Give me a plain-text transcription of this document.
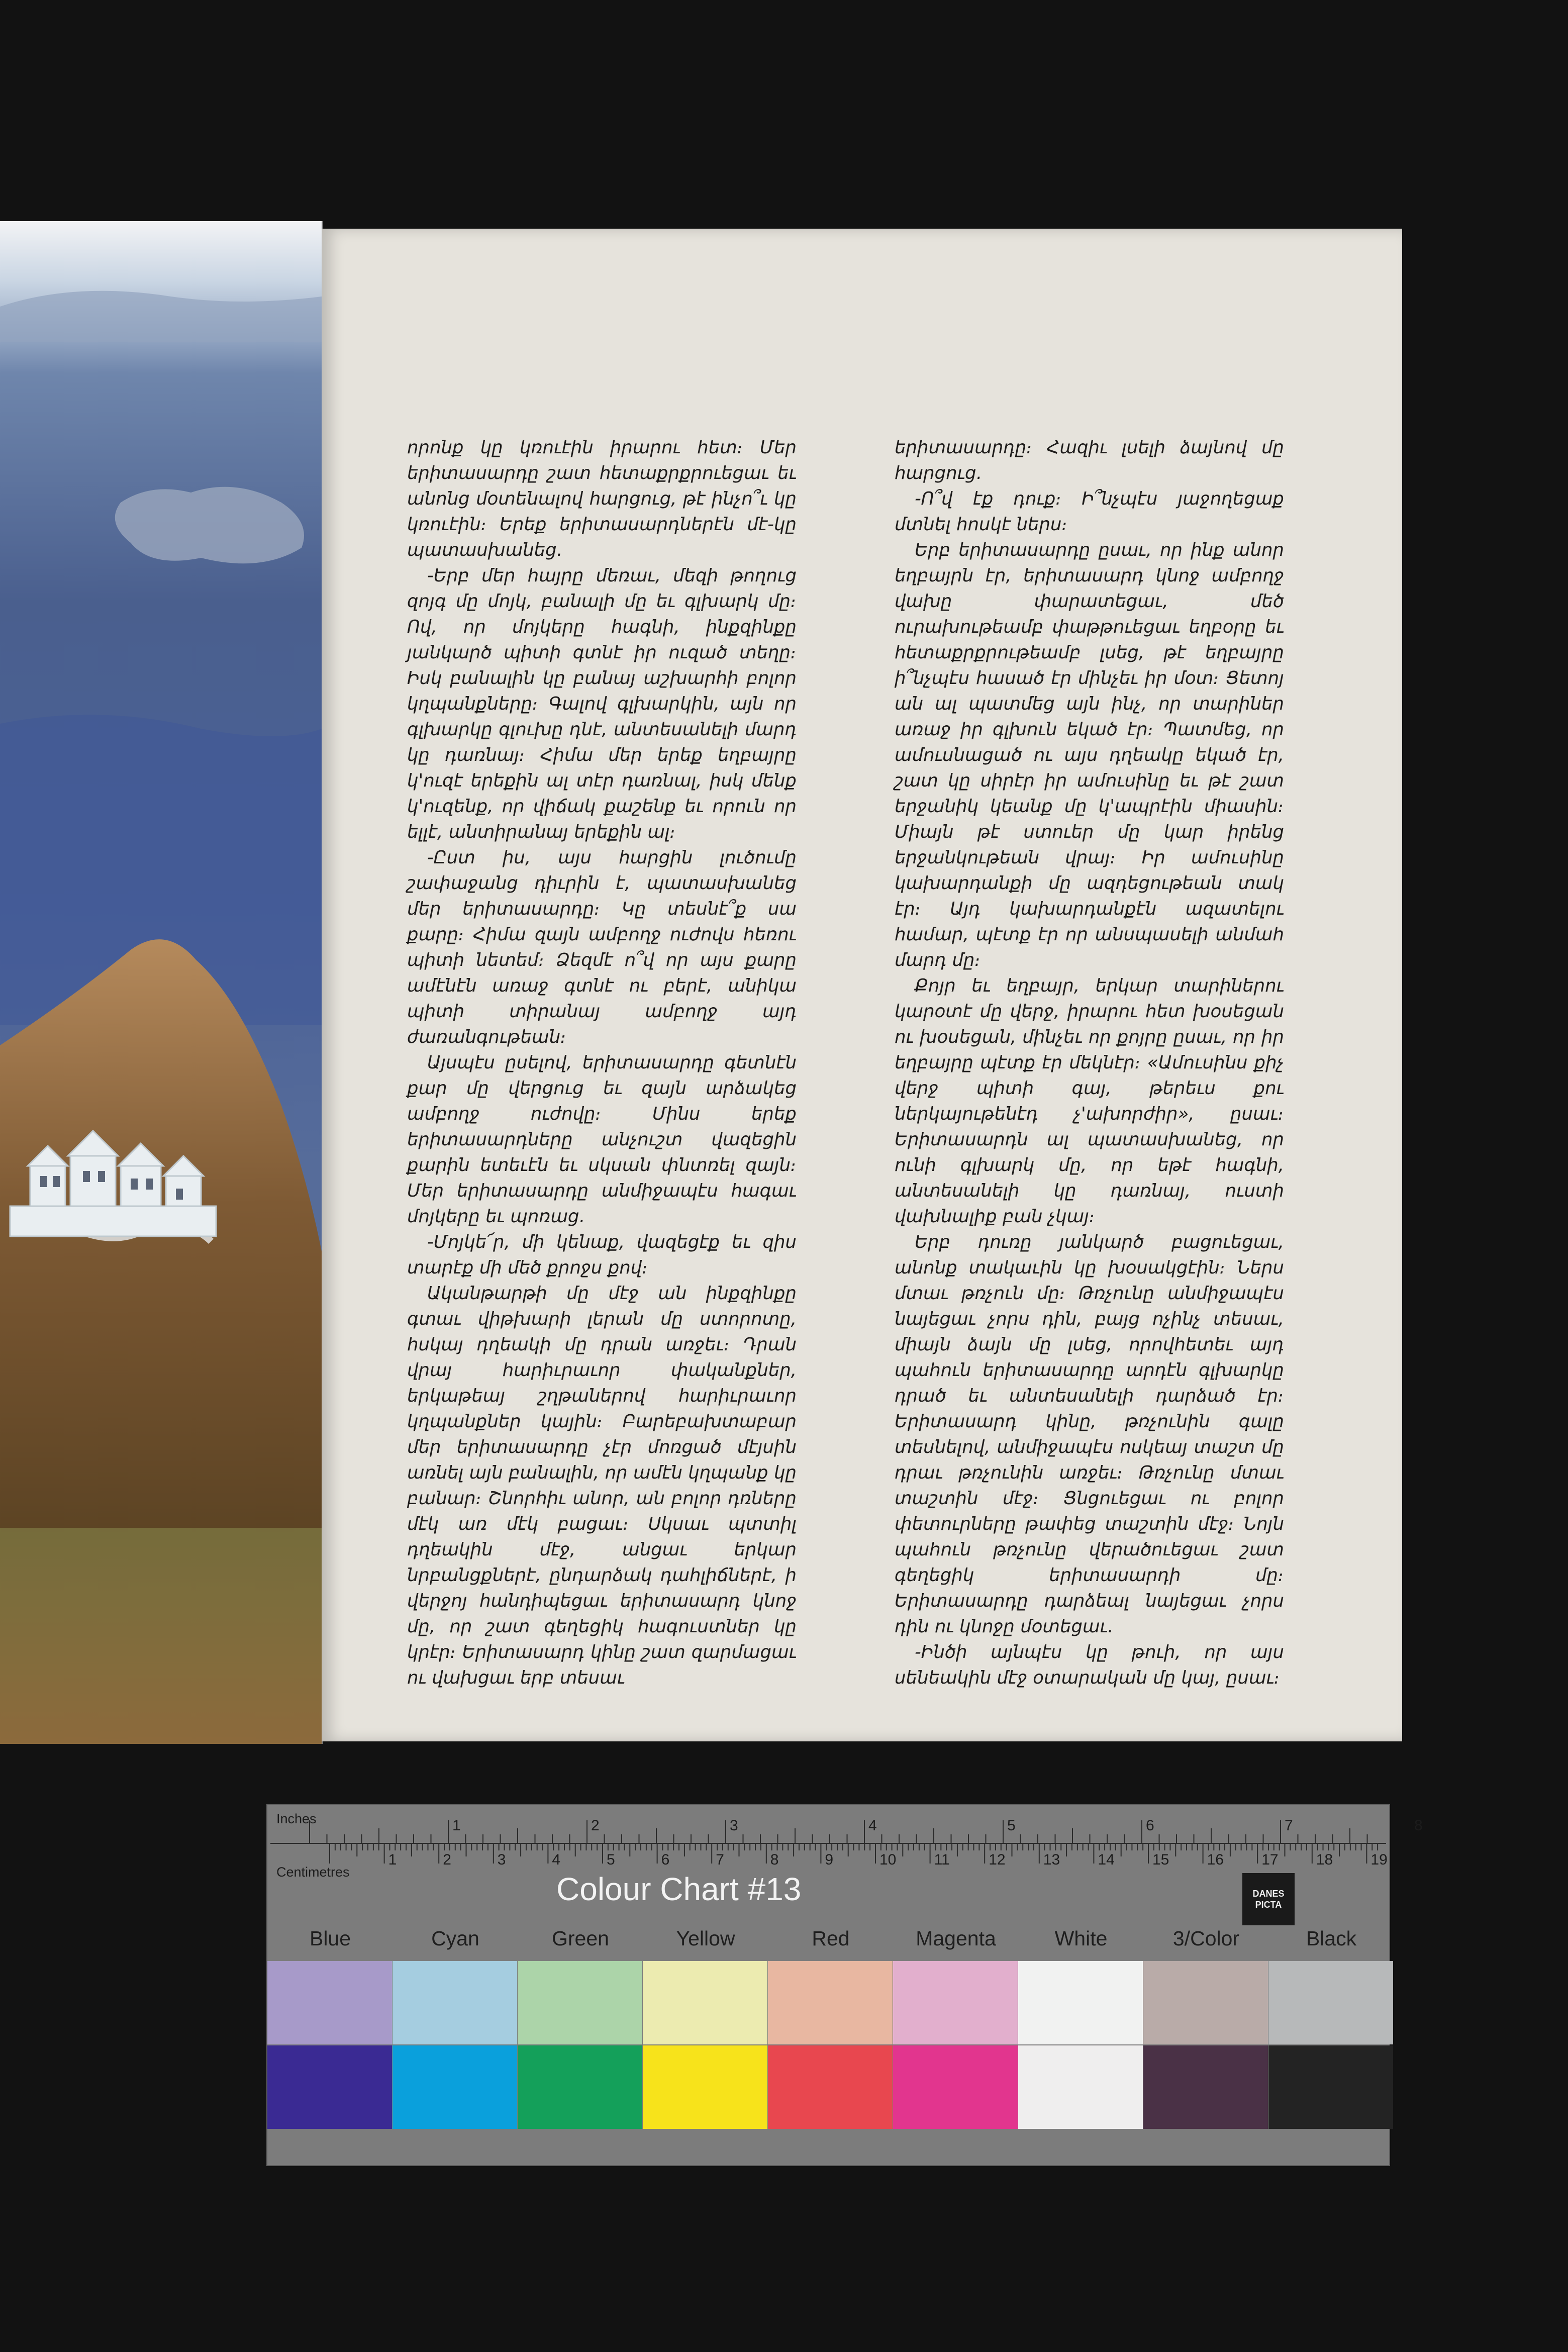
որոնք կը կռուէին իրարու հետ։ Մեր երիտասարդը շատ հետաքրքրուեցաւ եւ անոնց մօտենալով հարցուց, թէ ինչո՞ւ կը կռուէին։ Երեք երիտասարդներէն մէ-կը պատասխանեց․

-Երբ մեր հայրը մեռաւ, մեզի թողուց զոյգ մը մոյկ, բանալի մը եւ գլխարկ մը։ Ով, որ մոյկերը հագնի, ինքզինքը յանկարծ պիտի գտնէ իր ուզած տեղը։ Իսկ բանալին կը բանայ աշխարհի բոլոր կղպանքները։ Գալով գլխարկին, այն որ գլխարկը գլուխը դնէ, անտեսանելի մարդ կը դառնայ։ Հիմա մեր երեք եղբայրը կ'ուզէ երեքին ալ տէր դառնալ, իսկ մենք կ'ուզենք, որ վիճակ քաշենք եւ որուն որ ելլէ, անտիրանայ երեքին ալ։

-Ըստ իս, այս հարցին լուծումը շափաջանց դիւրին է, պատասխանեց մեր երիտասարդը։ Կը տեսնէ՞ք սա քարը։ Հիմա զայն ամբողջ ուժովս հեռու պիտի նետեմ։ Ձեզմէ ո՞վ որ այս քարը ամէնէն առաջ գտնէ ու բերէ, անիկա պիտի տիրանայ ամբողջ այդ ժառանգութեան։

Այսպէս ըսելով, երիտասարդը գետնէն քար մը վերցուց եւ զայն արձակեց ամբողջ ուժովը։ Մինս երեք երիտասարդները անչուշտ վազեցին քարին ետեւէն եւ սկսան փնտռել զայն։ Մեր երիտասարդը անմիջապէս հագաւ մոյկերը եւ պոռաց․

-Մոյկե՜ր, մի կենաք, վազեցէք եւ զիս տարէք մի մեծ քրոջս քով։

Ականթարթի մը մէջ ան ինքզինքը գտաւ վիթխարի լերան մը ստորոտը, հսկայ դղեակի մը դրան առջեւ։ Դրան վրայ հարիւրաւոր փականքներ, երկաթեայ շղթաներով հարիւրաւոր կղպանքներ կային։ Բարեբախտաբար մեր երիտասարդը չէր մոռցած մէյսին առնել այն բանալին, որ ամէն կղպանք կը բանար։ Շնորհիւ անոր, ան բոլոր դռները մէկ առ մէկ բացաւ։ Սկսաւ պտտիլ դղեակին մէջ, անցաւ երկար նրբանցքներէ, ընդարձակ դահլիճներէ, ի վերջոյ հանդիպեցաւ երիտասարդ կնոջ մը, որ շատ գեղեցիկ հագուստներ կը կրէր։ Երիտասարդ կինը շատ զարմացաւ ու վախցաւ երբ տեսաւ

երիտասարդը։ Հազիւ լսելի ձայնով մը հարցուց․

-Ո՞վ էք դուք։ Ի՞նչպէս յաջողեցաք մտնել հոսկէ ներս։

Երբ երիտասարդը ըսաւ, որ ինք անոր եղբայրն էր, երիտասարդ կնոջ ամբողջ վախը փարատեցաւ, մեծ ուրախութեամբ փաթթուեցաւ եղբօրը եւ հետաքրքրութեամբ լսեց, թէ եղբայրը ի՞նչպէս հասած էր մինչեւ իր մօտ։ Ցետոյ ան ալ պատմեց այն ինչ, որ տարիներ առաջ իր գլխուն եկած էր։ Պատմեց, որ ամուսնացած ու այս դղեակը եկած էր, շատ կը սիրէր իր ամուսինը եւ թէ շատ երջանիկ կեանք մը կ'ապրէին միասին։ Միայն թէ ստուեր մը կար իրենց երջանկութեան վրայ։ Իր ամուսինը կախարդանքի մը ազդեցութեան տակ էր։ Այդ կախարդանքէն ազատելու համար, պէտք էր որ անսպասելի անմահ մարդ մը։

Քոյր եւ եղբայր, երկար տարիներու կարօտէ մը վերջ, իրարու հետ խօսեցան ու խօսեցան, մինչեւ որ քոյրը ըսաւ, որ իր եղբայրը պէտք էր մեկնէր։ «Ամուսինս քիչ վերջ պիտի գայ, թերեւս քու ներկայութենէդ չ'ախորժիր», ըսաւ։ Երիտասարդն ալ պատասխանեց, որ ունի գլխարկ մը, որ եթէ հագնի, անտեսանելի կը դառնայ, ուստի վախնալիք բան չկայ։

Երբ դուռը յանկարծ բացուեցաւ, անոնք տակաւին կը խօսակցէին։ Ներս մտաւ թռչուն մը։ Թռչունը անմիջապէս նայեցաւ չորս դին, բայց ոչինչ տեսաւ, միայն ձայն մը լսեց, որովհետեւ այդ պահուն երիտասարդը արդէն գլխարկը դրած եւ անտեսանելի դարձած էր։ Երիտասարդ կինը, թռչունին գալը տեսնելով, անմիջապէս ոսկեայ տաշտ մը դրաւ թռչունին առջեւ։ Թռչունը մտաւ տաշտին մէջ։ Ցնցուեցաւ ու բոլոր փետուրները թափեց տաշտին մէջ։ Նոյն պահուն թռչունը վերածուեցաւ շատ գեղեցիկ երիտասարդի մը։ Երիտասարդը դարձեալ նայեցաւ չորս դին ու կնոջը մօտեցաւ․

-Ինծի այնպէս կը թուի, որ այս սենեակին մէջ օտարական մը կայ, ըսաւ։

1	2	3	4	5	6	7	8
1	2	3	4	5	6	7	8	9	10	11	12	13	14	15	16	17	18	19
Inches
Centimetres	Colour Chart #13	DANES PICTA
Blue	Cyan	Green	Yellow	Red	Magenta	White	3/Color	Black
